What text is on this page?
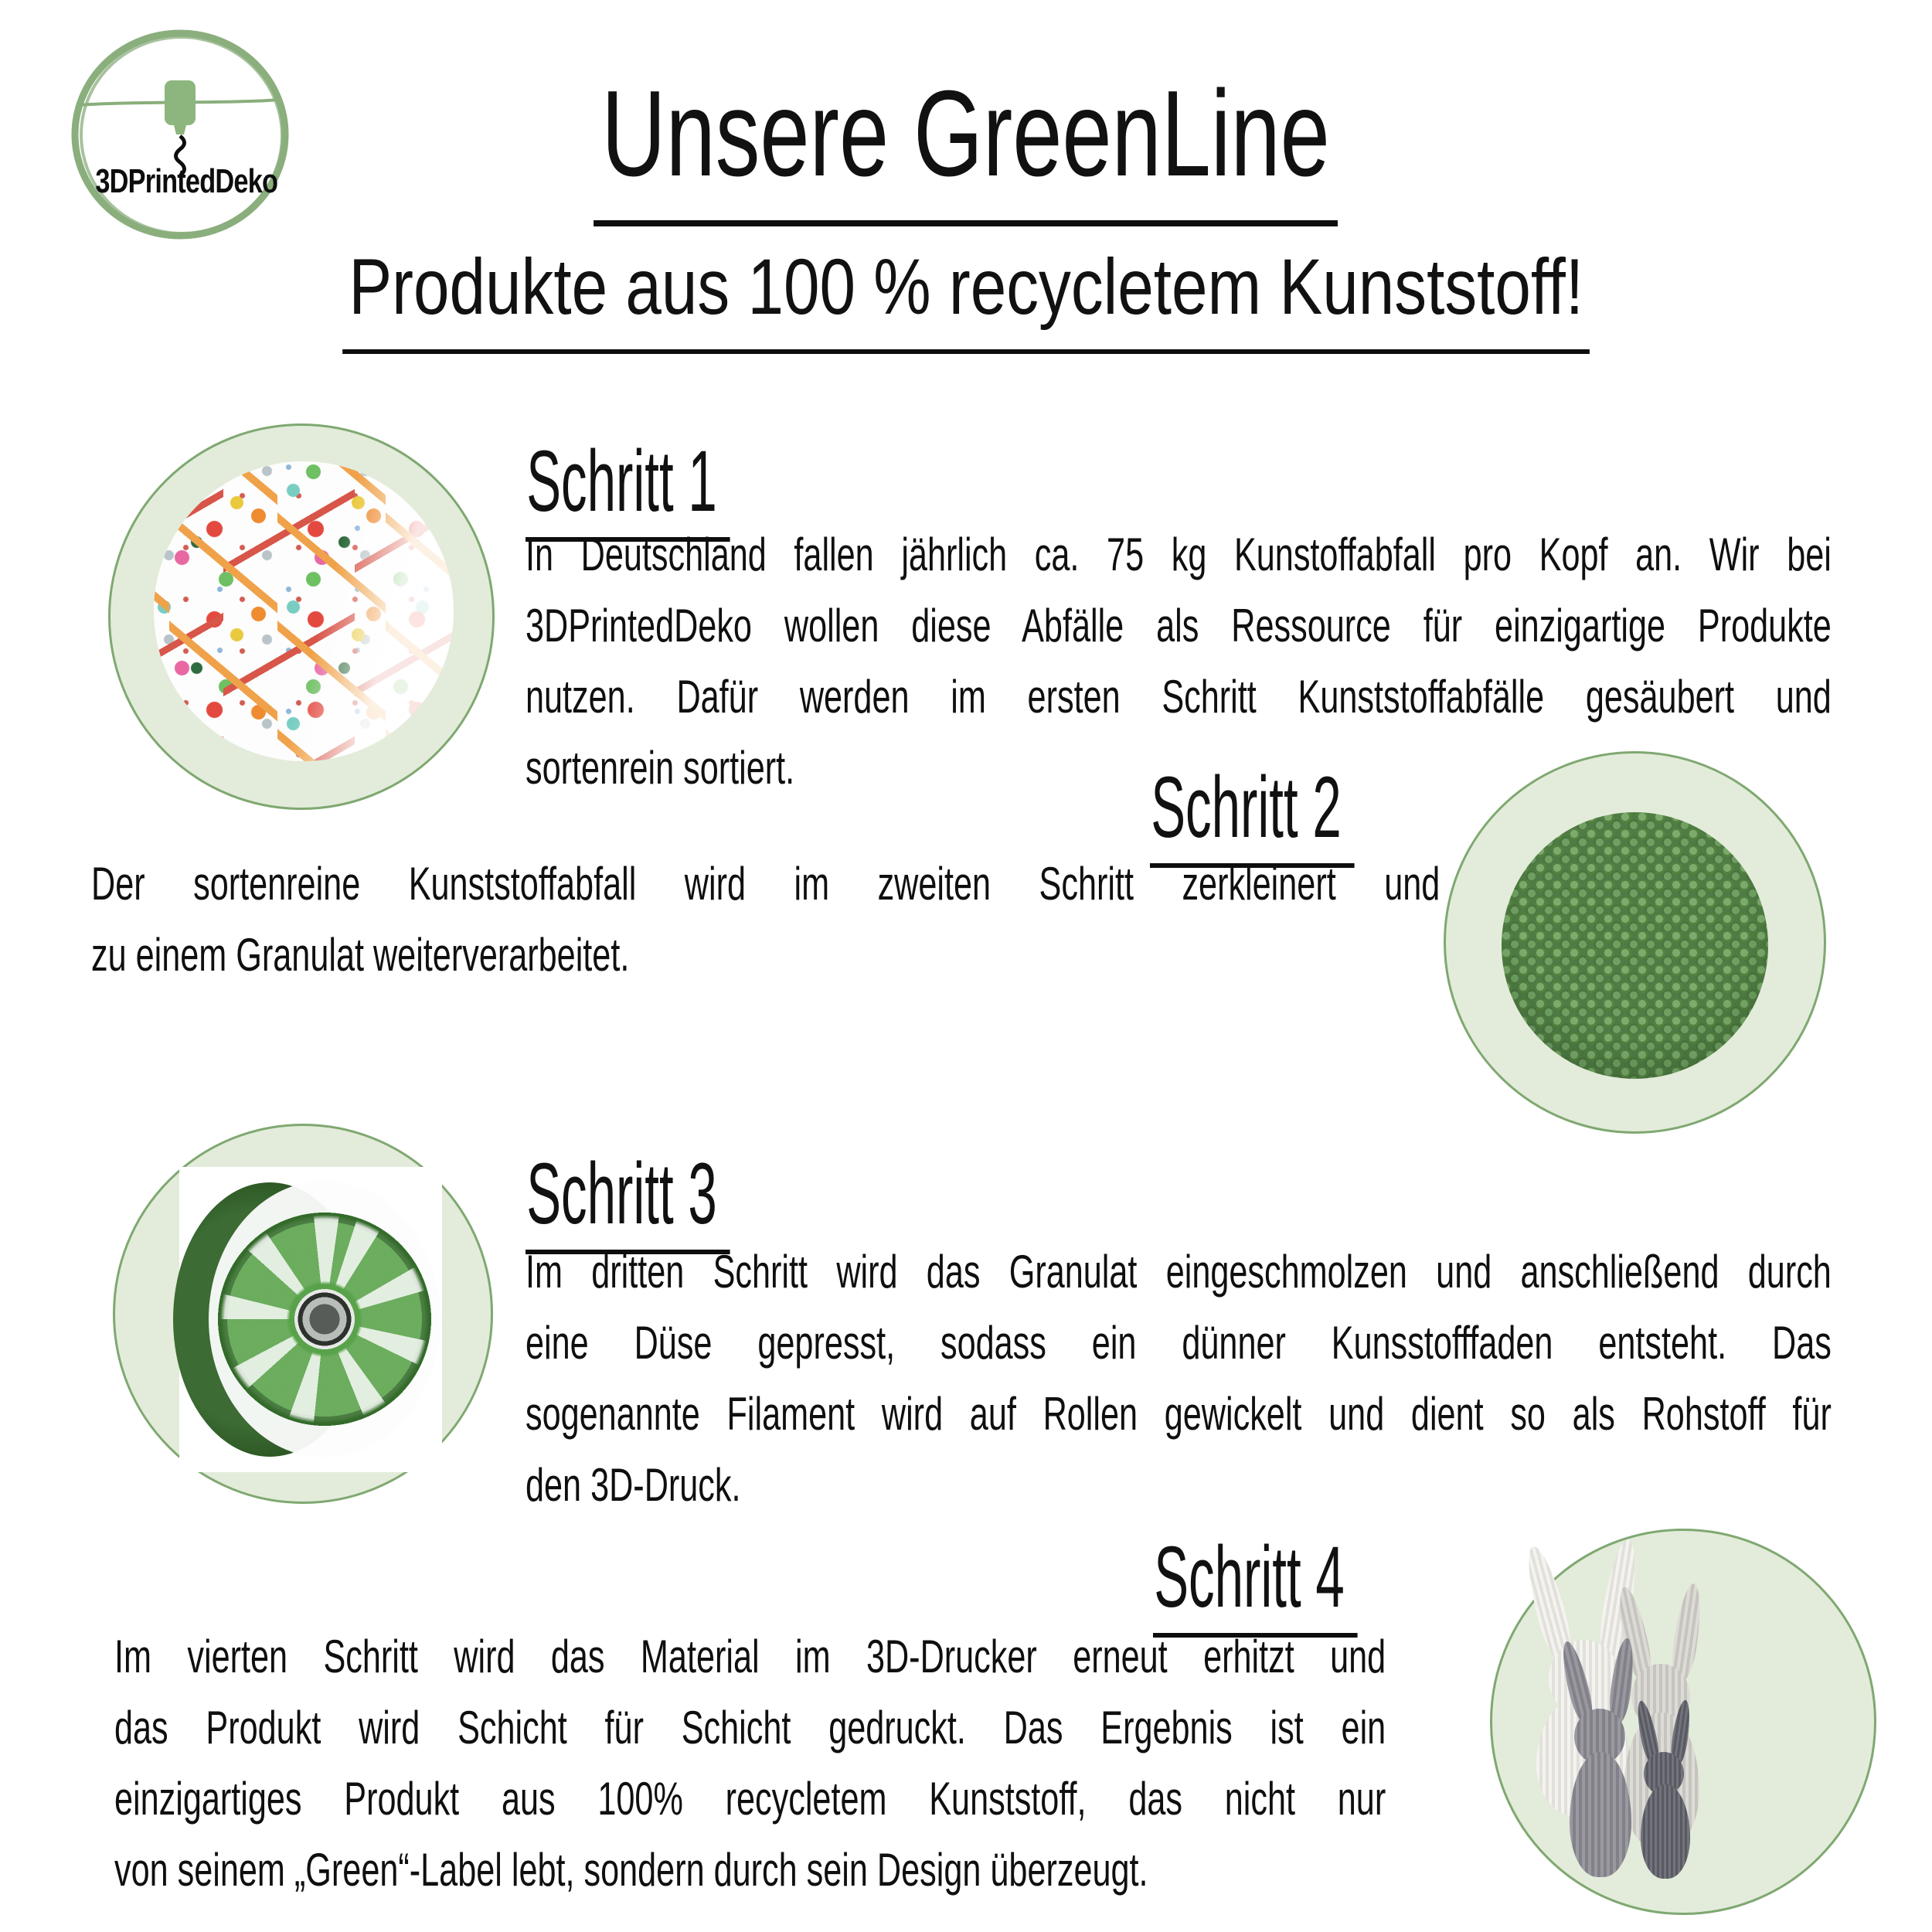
3DPrintedDeko	Unsere GreenLine
Produkte aus 100 % recycletem Kunststoff!
Schritt 1
In Deutschland fallen jährlich ca. 75 kg Kunstoffabfall pro Kopf an. Wir bei
3DPrintedDeko wollen diese Abfälle als Ressource für einzigartige Produkte
nutzen. Dafür werden im ersten Schritt Kunststoffabfälle gesäubert und
sortenrein sortiert.	Schritt 2
Der sortenreine Kunststoffabfall wird im zweiten Schritt zerkleinert und
zu einem Granulat weiterverarbeitet.
Schritt 3
Im dritten Schritt wird das Granulat eingeschmolzen und anschließend durch
eine Düse gepresst, sodass ein dünner Kunsstofffaden entsteht. Das
sogenannte Filament wird auf Rollen gewickelt und dient so als Rohstoff für
den 3D-Druck.
Schritt 4
Im vierten Schritt wird das Material im 3D-Drucker erneut erhitzt und
das Produkt wird Schicht für Schicht gedruckt. Das Ergebnis ist ein
einzigartiges Produkt aus 100% recycletem Kunststoff, das nicht nur
von seinem „Green“-Label lebt, sondern durch sein Design überzeugt.
